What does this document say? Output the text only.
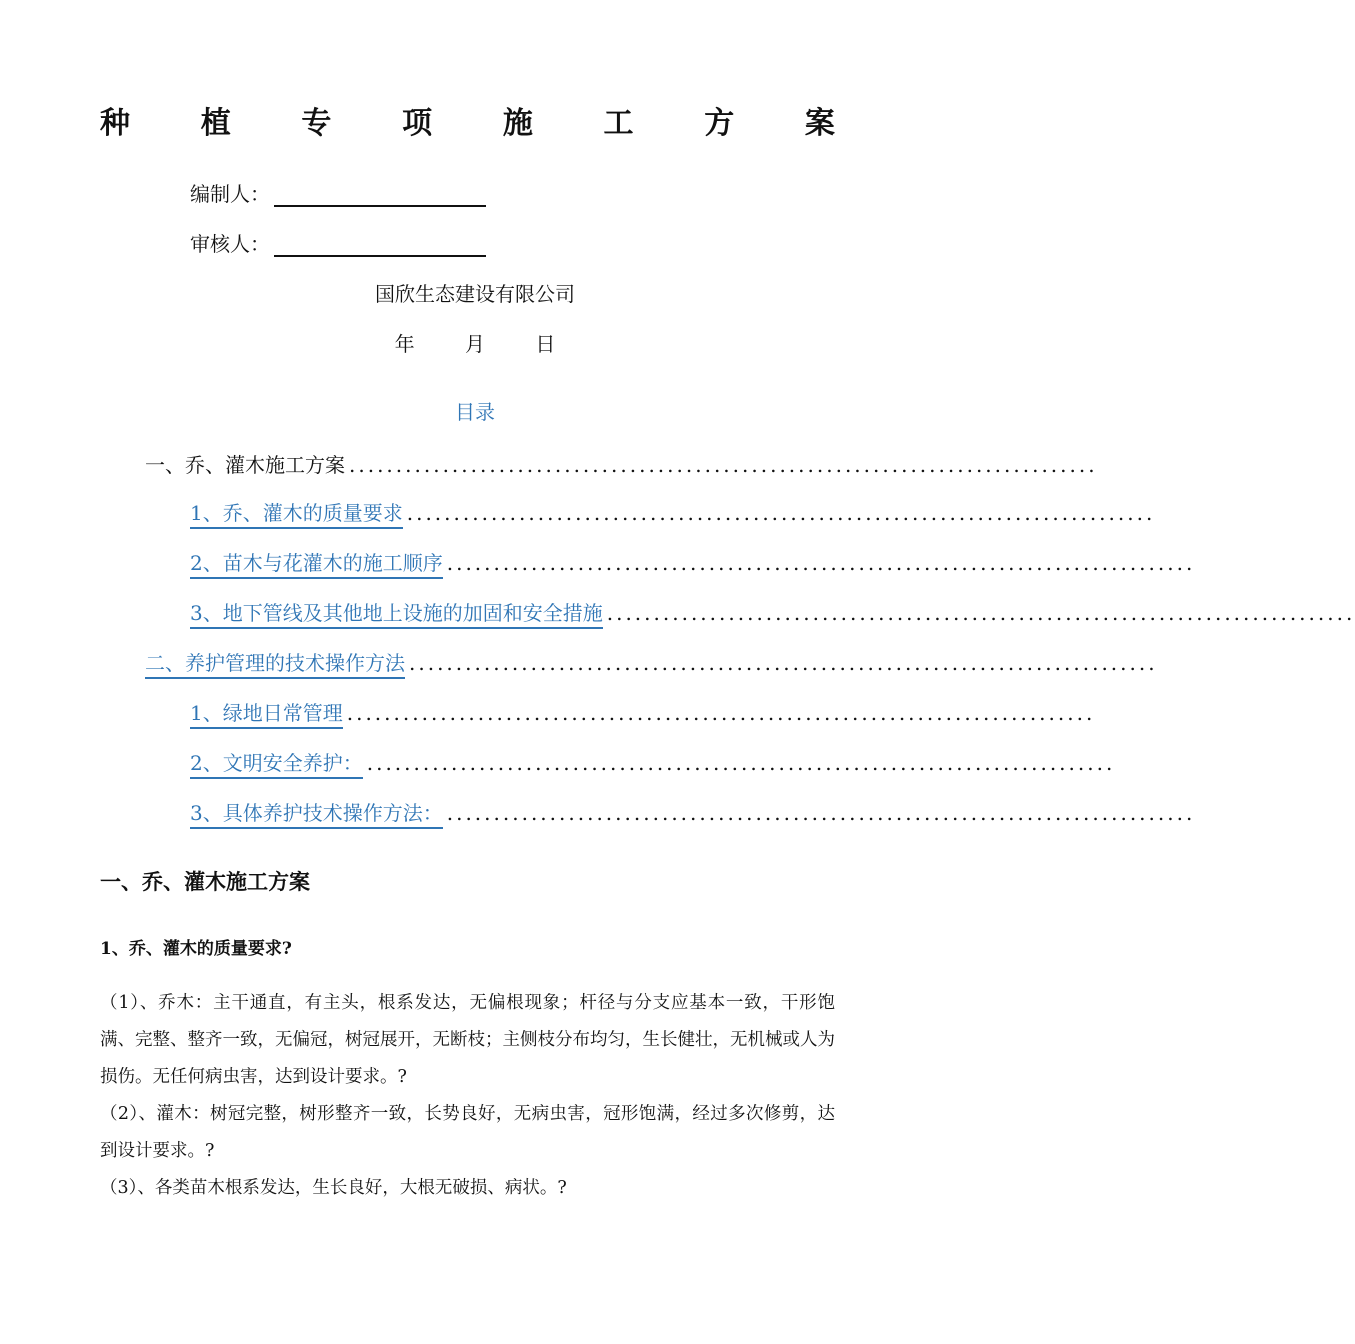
种 植 专 项 施 工 方 案
编制人：
审核人：
国欣生态建设有限公司
年	月	日
目录
一、乔、灌木施工方案 ................................................................................
1、乔、灌木的质量要求 ................................................................................
2、苗木与花灌木的施工顺序 ................................................................................
3、地下管线及其他地上设施的加固和安全措施 ................................................................................
二、养护管理的技术操作方法 ................................................................................
1、绿地日常管理 ................................................................................
2、文明安全养护： ................................................................................
3、具体养护技术操作方法： ................................................................................
一、乔、灌木施工方案
1、乔、灌木的质量要求?

（1）、乔木：主干通直，有主头，根系发达，无偏根现象；杆径与分支应基本一致，干形饱满、完整、整齐一致，无偏冠，树冠展开，无断枝；主侧枝分布均匀，生长健壮，无机械或人为损伤。无任何病虫害，达到设计要求。?

（2）、灌木：树冠完整，树形整齐一致，长势良好，无病虫害，冠形饱满，经过多次修剪，达到设计要求。?

（3）、各类苗木根系发达，生长良好，大根无破损、病状。?
